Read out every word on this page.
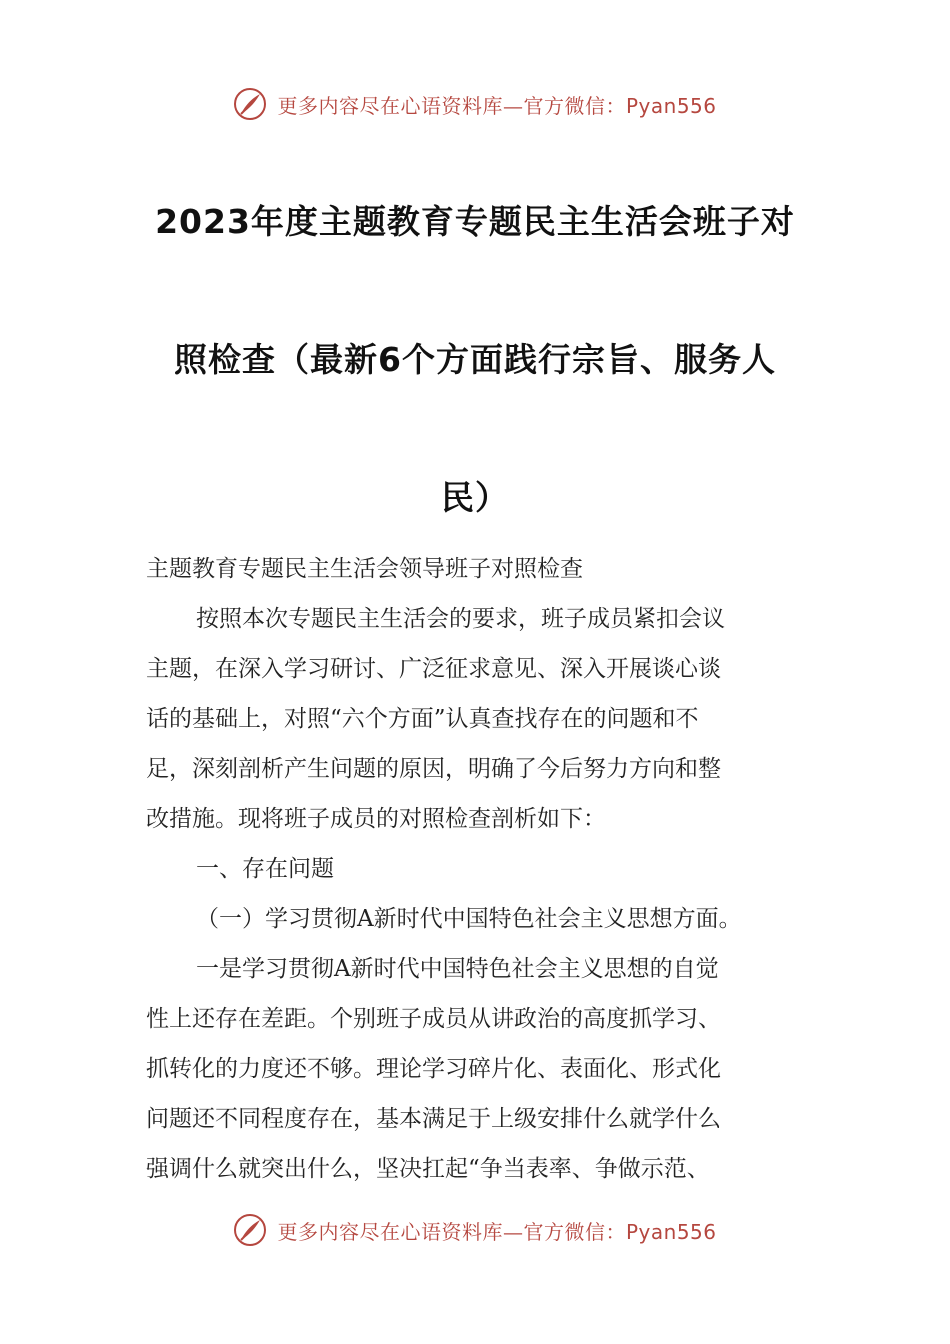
更多内容尽在心语资料库—官方微信：Pyan556
2023年度主题教育专题民主生活会班子对
照检查（最新6个方面践行宗旨、服务人
民）

主题教育专题民主生活会领导班子对照检查

按照本次专题民主生活会的要求，班子成员紧扣会议

主题，在深入学习研讨、广泛征求意见、深入开展谈心谈

话的基础上，对照“六个方面”认真查找存在的问题和不

足，深刻剖析产生问题的原因，明确了今后努力方向和整

改措施。现将班子成员的对照检查剖析如下：

一、存在问题

（一）学习贯彻A新时代中国特色社会主义思想方面。

一是学习贯彻A新时代中国特色社会主义思想的自觉

性上还存在差距。个别班子成员从讲政治的高度抓学习、

抓转化的力度还不够。理论学习碎片化、表面化、形式化

问题还不同程度存在，基本满足于上级安排什么就学什么

强调什么就突出什么，坚决扛起“争当表率、争做示范、

更多内容尽在心语资料库—官方微信：Pyan556
